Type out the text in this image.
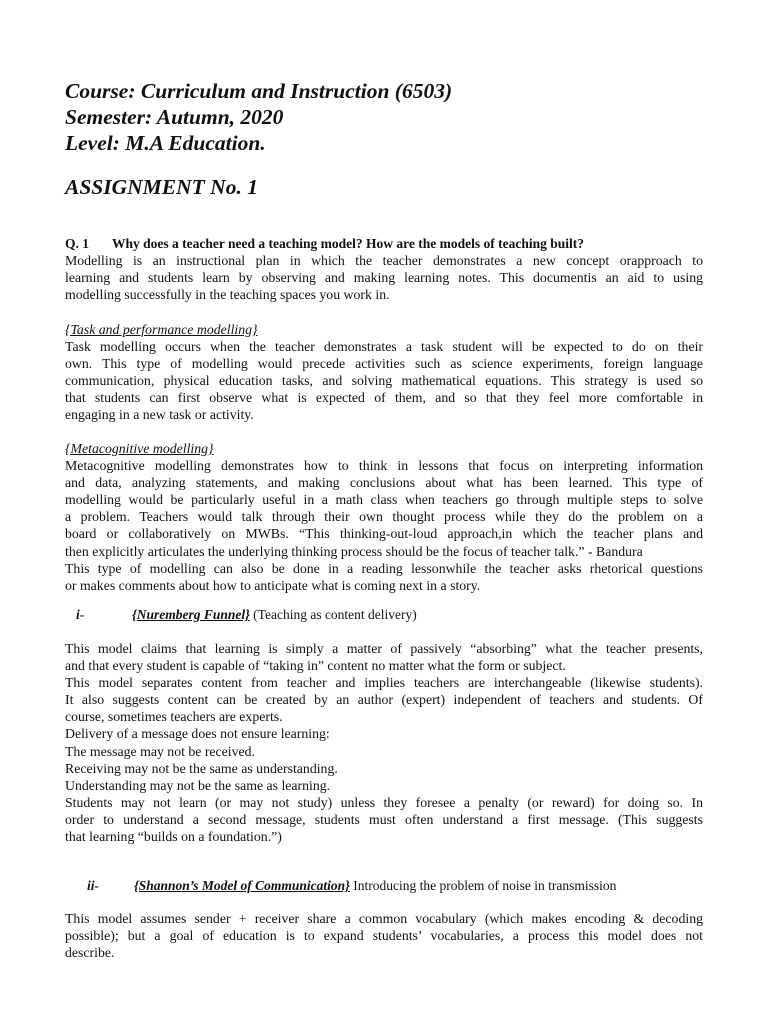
Course: Curriculum and Instruction (6503)

Semester: Autumn, 2020

Level: M.A Education.

ASSIGNMENT No. 1

Q. 1 Why does a teacher need a teaching model? How are the models of teaching built?

Modelling is an instructional plan in which the teacher demonstrates a new concept orapproach to
learning and students learn by observing and making learning notes. This documentis an aid to using
modelling successfully in the teaching spaces you work in.

{Task and performance modelling}

Task modelling occurs when the teacher demonstrates a task student will be expected to do on their
own. This type of modelling would precede activities such as science experiments, foreign language
communication, physical education tasks, and solving mathematical equations. This strategy is used so
that students can first observe what is expected of them, and so that they feel more comfortable in
engaging in a new task or activity.

{Metacognitive modelling}

Metacognitive modelling demonstrates how to think in lessons that focus on interpreting information
and data, analyzing statements, and making conclusions about what has been learned. This type of
modelling would be particularly useful in a math class when teachers go through multiple steps to solve
a problem. Teachers would talk through their own thought process while they do the problem on a
board or collaboratively on MWBs. “This thinking-out-loud approach,in which the teacher plans and
then explicitly articulates the underlying thinking process should be the focus of teacher talk.” - Bandura
This type of modelling can also be done in a reading lessonwhile the teacher asks rhetorical questions
or makes comments about how to anticipate what is coming next in a story.

i-	{Nuremberg Funnel} (Teaching as content delivery)

This model claims that learning is simply a matter of passively “absorbing” what the teacher presents,
and that every student is capable of “taking in” content no matter what the form or subject.
This model separates content from teacher and implies teachers are interchangeable (likewise students).
It also suggests content can be created by an author (expert) independent of teachers and students. Of
course, sometimes teachers are experts.
Delivery of a message does not ensure learning:
The message may not be received.
Receiving may not be the same as understanding.
Understanding may not be the same as learning.
Students may not learn (or may not study) unless they foresee a penalty (or reward) for doing so. In
order to understand a second message, students must often understand a first message. (This suggests
that learning “builds on a foundation.”)

ii-	{Shannon’s Model of Communication} Introducing the problem of noise in transmission

This model assumes sender + receiver share a common vocabulary (which makes encoding & decoding
possible); but a goal of education is to expand students’ vocabularies, a process this model does not
describe.
